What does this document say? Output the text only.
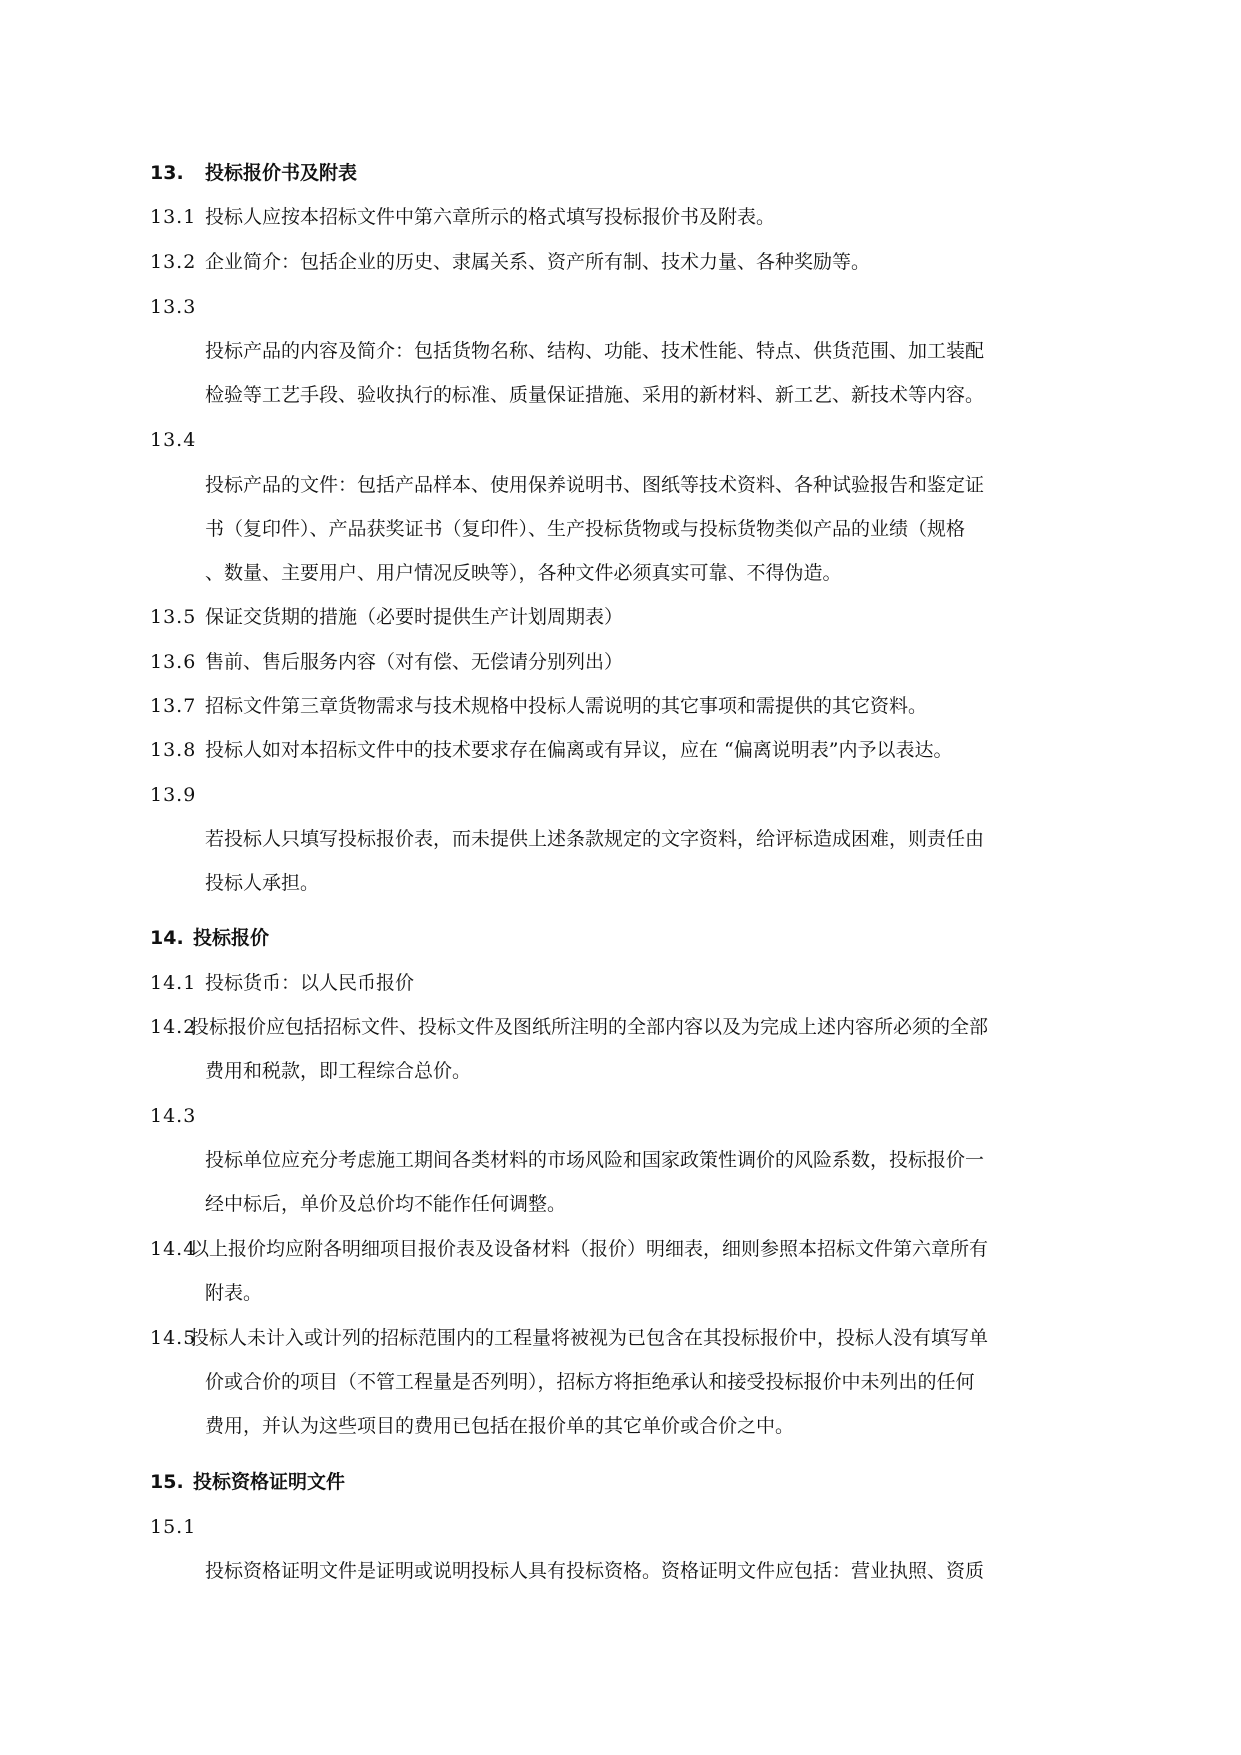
13. 投标报价书及附表
13.1 投标人应按本招标文件中第六章所示的格式填写投标报价书及附表。
13.2 企业简介：包括企业的历史、隶属关系、资产所有制、技术力量、各种奖励等。
13.3
投标产品的内容及简介：包括货物名称、结构、功能、技术性能、特点、供货范围、加工装配
检验等工艺手段、验收执行的标准、质量保证措施、采用的新材料、新工艺、新技术等内容。
13.4
投标产品的文件：包括产品样本、使用保养说明书、图纸等技术资料、各种试验报告和鉴定证
书（复印件）、产品获奖证书（复印件）、生产投标货物或与投标货物类似产品的业绩（规格
、数量、主要用户、用户情况反映等），各种文件必须真实可靠、不得伪造。
13.5 保证交货期的措施（必要时提供生产计划周期表）
13.6 售前、售后服务内容（对有偿、无偿请分别列出）
13.7 招标文件第三章货物需求与技术规格中投标人需说明的其它事项和需提供的其它资料。
13.8 投标人如对本招标文件中的技术要求存在偏离或有异议，应在 “偏离说明表”内予以表达。
13.9
若投标人只填写投标报价表，而未提供上述条款规定的文字资料，给评标造成困难，则责任由
投标人承担。
14. 投标报价
14.1 投标货币：以人民币报价
14.2
投标报价应包括招标文件、投标文件及图纸所注明的全部内容以及为完成上述内容所必须的全部
费用和税款，即工程综合总价。
14.3
投标单位应充分考虑施工期间各类材料的市场风险和国家政策性调价的风险系数，投标报价一
经中标后，单价及总价均不能作任何调整。
14.4
以上报价均应附各明细项目报价表及设备材料（报价）明细表，细则参照本招标文件第六章所有
附表。
14.5
投标人未计入或计列的招标范围内的工程量将被视为已包含在其投标报价中，投标人没有填写单
价或合价的项目（不管工程量是否列明），招标方将拒绝承认和接受投标报价中未列出的任何
费用，并认为这些项目的费用已包括在报价单的其它单价或合价之中。
15. 投标资格证明文件
15.1
投标资格证明文件是证明或说明投标人具有投标资格。资格证明文件应包括：营业执照、资质
